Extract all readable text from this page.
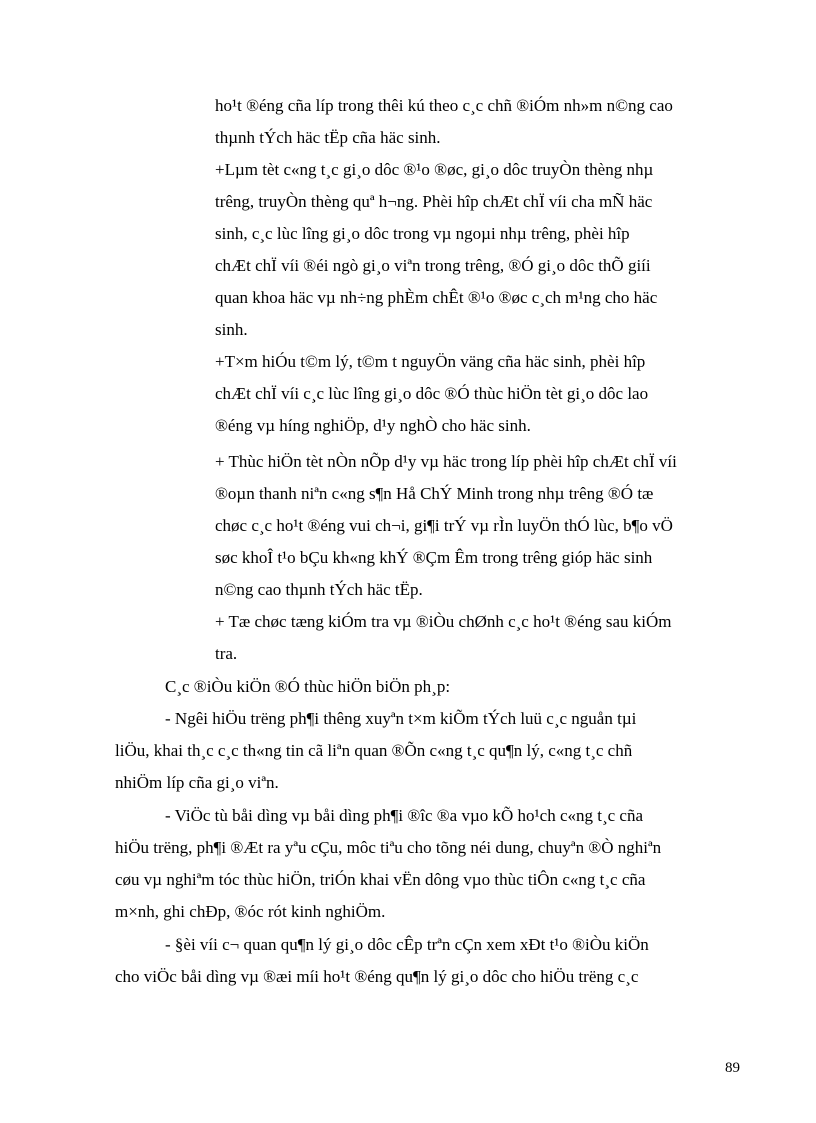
ho¹t ®éng cña líp trong thêi kú theo c¸c chñ ®iÓm nh»m n©ng cao
thµnh tÝch häc tËp cña häc sinh.
+Lµm tèt c«ng t¸c gi¸o dôc ®¹o ®øc, gi¸o dôc truyÒn thèng nhµ
trêng, truyÒn thèng quª h¬ng. Phèi hîp chÆt chÏ víi cha mÑ häc
sinh, c¸c lùc lîng gi¸o dôc trong vµ ngoµi nhµ trêng, phèi hîp
chÆt chÏ víi ®éi ngò gi¸o viªn trong trêng, ®Ó gi¸o dôc thÕ giíi
quan khoa häc vµ nh÷ng phÈm chÊt ®¹o ®øc c¸ch m¹ng cho häc
sinh.
+T×m hiÓu t©m lý, t©m t nguyÖn väng cña häc sinh, phèi hîp
chÆt chÏ víi c¸c lùc lîng gi¸o dôc ®Ó thùc hiÖn tèt gi¸o dôc lao
®éng vµ híng nghiÖp, d¹y nghÒ cho häc sinh.
+ Thùc hiÖn tèt nÒn nÕp d¹y vµ häc trong líp phèi hîp chÆt chÏ víi
®oµn thanh niªn c«ng s¶n Hå ChÝ Minh trong nhµ trêng ®Ó tæ
chøc c¸c ho¹t ®éng vui ch¬i, gi¶i trÝ vµ rÌn luyÖn thÓ lùc, b¶o vÖ
søc khoÎ t¹o bÇu kh«ng khÝ ®Çm Êm trong trêng gióp häc sinh
n©ng cao thµnh tÝch häc tËp.
+ Tæ chøc tæng kiÓm tra vµ ®iÒu chØnh c¸c ho¹t ®éng sau kiÓm
tra.
C¸c ®iÒu kiÖn ®Ó thùc hiÖn biÖn ph¸p:
- Ngêi hiÖu trëng ph¶i thêng xuyªn t×m kiÕm tÝch luü c¸c nguån tµi
liÖu, khai th¸c c¸c th«ng tin cã liªn quan ®Õn c«ng t¸c qu¶n lý, c«ng t¸c chñ
nhiÖm líp cña gi¸o viªn.
- ViÖc tù båi dìng vµ båi dìng ph¶i ®îc ®a vµo kÕ ho¹ch c«ng t¸c cña
hiÖu trëng, ph¶i ®Æt ra yªu cÇu, môc tiªu cho tõng néi dung, chuyªn ®Ò nghiªn
cøu vµ nghiªm tóc thùc hiÖn, triÓn khai vËn dông vµo thùc tiÔn c«ng t¸c cña
m×nh, ghi chÐp, ®óc rót kinh nghiÖm.
- §èi víi c¬ quan qu¶n lý gi¸o dôc cÊp trªn cÇn xem xÐt t¹o ®iÒu kiÖn
cho viÖc båi dìng vµ ®æi míi ho¹t ®éng qu¶n lý gi¸o dôc cho hiÖu trëng c¸c
89
